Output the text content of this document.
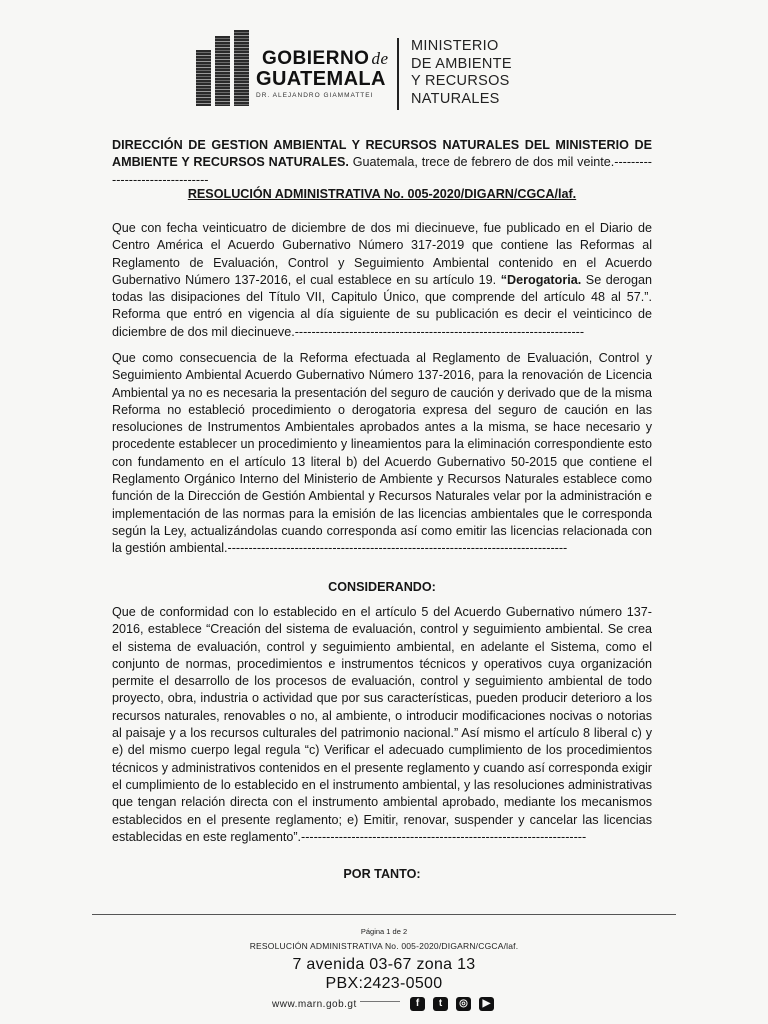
GOBIERNO de
GUATEMALA
DR. ALEJANDRO GIAMMATTEI
MINISTERIO
DE AMBIENTE
Y RECURSOS
NATURALES
DIRECCIÓN DE GESTION AMBIENTAL Y RECURSOS NATURALES DEL MINISTERIO DE AMBIENTE Y RECURSOS NATURALES. Guatemala, trece de febrero de dos mil veinte.--------------------------------
RESOLUCIÓN ADMINISTRATIVA No. 005-2020/DIGARN/CGCA/laf.
Que con fecha veinticuatro de diciembre de dos mi diecinueve, fue publicado en el Diario de Centro América el Acuerdo Gubernativo Número 317-2019 que contiene las Reformas al Reglamento de Evaluación, Control y Seguimiento Ambiental contenido en el Acuerdo Gubernativo Número 137-2016, el cual establece en su artículo 19. “Derogatoria. Se derogan todas las disipaciones del Título VII, Capitulo Único, que comprende del artículo 48 al 57.”. Reforma que entró en vigencia al día siguiente de su publicación es decir el veinticinco de diciembre de dos mil diecinueve.---------------------------------------------------------------------
Que como consecuencia de la Reforma efectuada al Reglamento de Evaluación, Control y Seguimiento Ambiental Acuerdo Gubernativo Número 137-2016, para la renovación de Licencia Ambiental ya no es necesaria la presentación del seguro de caución y derivado que de la misma Reforma no estableció procedimiento o derogatoria expresa del seguro de caución en las resoluciones de Instrumentos Ambientales aprobados antes a la misma, se hace necesario y procedente establecer un procedimiento y lineamientos para la eliminación correspondiente esto con fundamento en el artículo 13 literal b) del Acuerdo Gubernativo 50-2015 que contiene el Reglamento Orgánico Interno del Ministerio de Ambiente y Recursos Naturales establece como función de la Dirección de Gestión Ambiental y Recursos Naturales velar por la administración e implementación de las normas para la emisión de las licencias ambientales que le corresponda según la Ley, actualizándolas cuando corresponda así como emitir las licencias relacionada con la gestión ambiental.---------------------------------------------------------------------------------
CONSIDERANDO:
Que de conformidad con lo establecido en el artículo 5 del Acuerdo Gubernativo número 137-2016, establece “Creación del sistema de evaluación, control y seguimiento ambiental. Se crea el sistema de evaluación, control y seguimiento ambiental, en adelante el Sistema, como el conjunto de normas, procedimientos e instrumentos técnicos y operativos cuya organización permite el desarrollo de los procesos de evaluación, control y seguimiento ambiental de todo proyecto, obra, industria o actividad que por sus características, pueden producir deterioro a los recursos naturales, renovables o no, al ambiente, o introducir modificaciones nocivas o notorias al paisaje y a los recursos culturales del patrimonio nacional.” Así mismo el artículo 8 liberal c) y e) del mismo cuerpo legal regula “c) Verificar el adecuado cumplimiento de los procedimientos técnicos y administrativos contenidos en el presente reglamento y cuando así corresponda exigir el cumplimiento de lo establecido en el instrumento ambiental, y las resoluciones administrativas que tengan relación directa con el instrumento ambiental aprobado, mediante los mecanismos establecidos en el presente reglamento; e) Emitir, renovar, suspender y cancelar las licencias establecidas en este reglamento”.--------------------------------------------------------------------
POR TANTO:
Página 1 de 2
RESOLUCIÓN ADMINISTRATIVA No. 005-2020/DIGARN/CGCA/laf.
7 avenida 03-67 zona 13
PBX:2423-0500
www.marn.gob.gt	f	t	◎	▶
